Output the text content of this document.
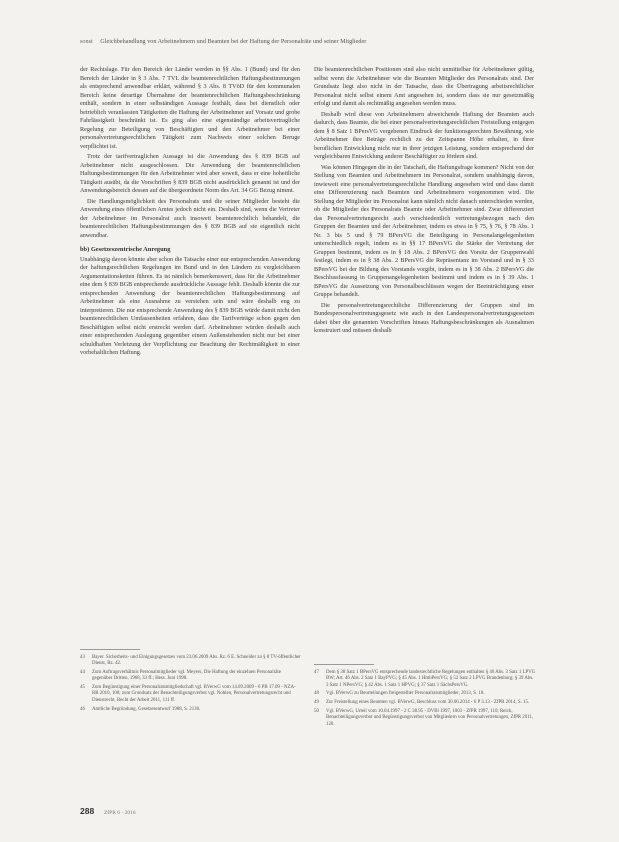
sonst Gleichbehandlung von Arbeitnehmern und Beamten bei der Haftung der Personalräte und seiner Mitglieder

der Rechtslage. Für den Bereich der Länder werden in §§ Abs. 1 (Bund) und für den Bereich der Länder in § 3 Abs. 7 TVL die beamtenrechtlichen Haftungsbestimmungen als entsprechend anwendbar erklärt, während § 3 Abs. 8 TVöD für den kommunalen Bereich keine derartige Übernahme der beamtenrechtlichen Haftungsbeschränkung enthält, sondern in einer selbständigen Aussage festhält, dass bei dienstlich oder betrieblich veranlassten Tätigkeiten die Haftung der Arbeitnehmer auf Vorsatz und grobe Fahrlässigkeit beschränkt ist. Es ging also eine eigenständige arbeitsvertragliche Regelung zur Beteiligung von Beschäftigten und den Arbeitnehmer bei einer personalvertretungsrechtlichen Tätigkeit zum Nachweis einer solchen Beruge verpflichtet ist.

Trotz der tarifvertraglichen Aussage ist die Anwendung des § 839 BGB auf Arbeitnehmer nicht ausgeschlossen. Die Anwendung der beamtenrechtlichen Haftungsbestimmungen für den Arbeitnehmer wird aber soweit, dass er eine hoheitliche Tätigkeit ausübt, da die Vorschriften § 839 BGB nicht ausdrücklich genannt ist und der Anwendungsbereich dessen auf die übergeordnete Norm des Art. 34 GG Bezug nimmt.

Die Handlungsmöglichkeit des Personalrats und die seiner Mitglieder besteht die Anwendung eines öffentlichen Amtes jedoch nicht ein. Deshalb sind, wenn die Vertreter der Arbeitnehmer im Personalrat auch insoweit beamtenrechtlich behandelt, die beamtenrechtlichen Haftungsbestimmungen des § 839 BGB auf sie eigentlich nicht anwendbar.

bb) Gesetzeszentrische Anregung

Unabhängig davon könnte aber schon die Tatsache einer nur entsprechenden Anwendung der haftungsrechtlichen Regelungen im Bund und in den Ländern zu vergleichbaren Argumentationsketten führen. Es ist nämlich bemerkenswert, dass für die Arbeitnehmer eine dem § 839 BGB entsprechende ausdrückliche Aussage fehlt. Deshalb könnte die zur entsprechenden Anwendung der beamtenrechtlichen Haftungsbestimmung auf Arbeitnehmer als eine Ausnahme zu verstehen sein und wäre deshalb eng zu interpretieren. Die nur entsprechende Anwendung des § 839 BGB würde damit nicht den beamtenrechtlichen Umfassenheiten erfahren, dass die Tarifverträge schon gegen den Beschäftigten selbst nicht erstreckt werden darf. Arbeitnehmer würden deshalb auch einer entsprechenden Auslegung gegenüber einem Außenstehenden nicht nur bei einer schuldhaften Verletzung der Verpflichtung zur Beachtung der Rechtmäßigkeit in einer vorbehaltlichen Haftung.

Die beamtenrechtlichen Positionen sind also nicht unmittelbar für Arbeitnehmer gültig, selbst wenn die Arbeitnehmer wie die Beamten Mitglieder des Personalrats sind. Der Grundsatz liegt also nicht in der Tatsache, dass die Übertragung arbeitsrechtlicher Personalrat nicht selbst einem Amt angesehen ist, sondern dass sie nur gesetzmäßig erfolgt und damit als rechtmäßig angesehen werden muss.

Deshalb wird diese von Arbeitnehmern abweichende Haftung der Beamten auch dadurch, dass Beamte, die bei einer personalvertretungsrechtlichen Freistellung entgegen dem § 8 Satz 1 BPersVG vergebenen Eindruck der funktionsgerechten Bewährung, wie Arbeitnehmer ihre Beträge rechtlich zu der Zeitspanne Höhe erhalten, in ihrer beruflichen Entwicklung nicht nur in ihrer jetzigen Leistung, sondern entsprechend der vergleichbaren Entwicklung anderer Beschäftigter zu fördern sind.

Was können Hingegen die in der Tatschaft, die Haftungsfrage kommen? Nicht von der Stellung von Beamten und Arbeitnehmern im Personalrat, sondern unabhängig davon, inwieweit eine personalvertretungsrechtliche Handlung angesehen wird und dass damit eine Differenzierung nach Beamten und Arbeitnehmern vorgenommen wird. Die Stellung der Mitglieder im Personalrat kann nämlich nicht danach unterschieden werden, ob die Mitglieder des Personalrats Beamte oder Arbeitnehmer sind. Zwar differenziert das Personalvertretungsrecht auch verschiedentlich vertretungsbezogen nach den Gruppen der Beamten und der Arbeitnehmer, indem es etwa in § 75, § 76, § 78 Abs. 1 Nr. 3 bis 5 und § 79 BPersVG die Beteiligung in Personalangelegenheiten unterschiedlich regelt, indem es in §§ 17 BPersVG die Stärke der Vertretung der Gruppen bestimmt, indem es in § 18 Abs. 2 BPersVG den Vorsitz der Gruppenwahl festlegt, indem es in § 38 Abs. 2 BPersVG die Repräsentanz im Vorstand und in § 33 BPersVG bei der Bildung des Vorstands vorgibt, indem es in § 38 Abs. 2 BPersVG die Beschlussfassung in Gruppenangelegenheiten bestimmt und indem es in § 39 Abs. 1 BPersVG die Aussetzung von Personalbeschlüssen wegen der Beeinträchtigung einer Gruppe behandelt.

Die personalvertretungsrechtliche Differenzierung der Gruppen sind im Bundespersonalvertretungsgesetz wie auch in den Landespersonalvertretungsgesetzen dabei über die genannten Vorschriften hinaus Haftungsbeschränkungen als Ausnahmen konstruiert und müssen deshalb

43	Bayer. Sicherheits- und Einigungsgesetzes vom 23.06.2009 Abs. Rz. 6 E. Schneider zu § 8 TV-öffentlicher Dienst, Rz. 42.
44	Zum Auftragsverhältnis Personalmitglieder vgl. Meyers, Die Haftung der einzelnen Personalräte gegenüber Dritten, 1968, 33 ff.; Hess. Juni 1998.
45	Zum Begünstigung einer Personalratsmitgliedschaft vgl. BVerwG vom 14.09.2009 - 6 PB 17.09 - NZA-RR 2010, 108; zum Grundsatz der Benachteiligungsverbot vgl. Nohlen, Personalvertretungsrecht und Dienstrecht, Recht der Arbeit 2011, 111 ff.
46	Amtliche Begründung, Gesetzesentwurf 1988, S. 2130.
47	Dem § 38 Satz 1 BPersVG entsprechende landesrechtliche Regelungen enthalten § 46 Abs. 3 Satz 1 LPVG BW; Art. 46 Abs. 2 Satz 1 BayPVG; § 45 Abs. 1 HmbPersVG; § 52 Satz 2 LPVG Brandenburg; § 39 Abs. 3 Satz 1 NPersVG; § 42 Abs. 1 Satz 1 HPVG; § 37 Satz 1 SächsPersVG.
48	Vgl. BVerwG zu Beurteilungen freigestellter Personalratsmitglieder, 2013, S. 18.
49	Zur Freistellung eines Beamten vgl. BVerwG, Beschluss vom 30.06.2014 - 6 P 3.13 - ZfPR 2014, S. 15.
50	Vgl. BVerwG, Urteil vom 10.04.1997 - 2 C 38.95 - DVBl 1997, 1003 - ZfPR 1997, 110; Reich, Benachteiligungsverbot und Begünstigungsverbot von Mitgliedern von Personalvertretungen, ZfPR 2011, 120.
288 ZfPR 6 · 2016
